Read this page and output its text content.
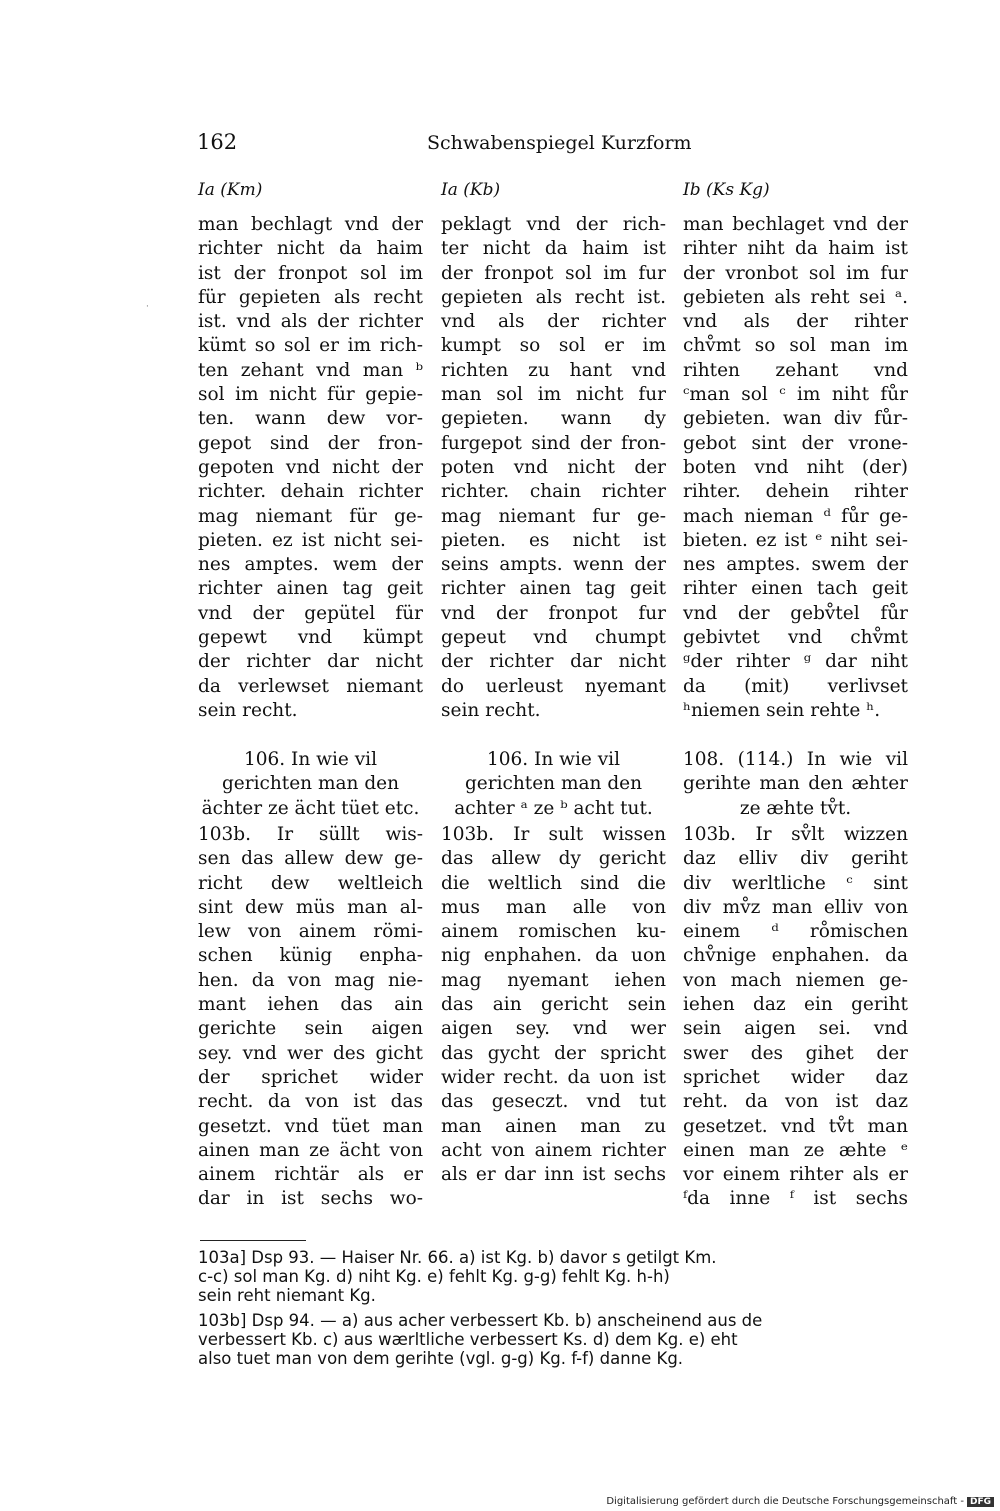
162	Schwabenspiegel Kurzform
Ia (Km)	Ia (Kb)	Ib (Ks Kg)
·
man bechlagt vnd der
richter nicht da haim
ist der fronpot sol im
für gepieten als recht
ist. vnd als der richter
kümt so sol er im rich-
ten zehant vnd man ᵇ
sol im nicht für gepie-
ten. wann dew vor-
gepot sind der fron-
gepoten vnd nicht der
richter. dehain richter
mag niemant für ge-
pieten. ez ist nicht sei-
nes amptes. wem der
richter ainen tag geit
vnd der gepütel für
gepewt vnd kümpt
der richter dar nicht
da verlewset niemant
sein recht.
peklagt vnd der rich-
ter nicht da haim ist
der fronpot sol im fur
gepieten als recht ist.
vnd als der richter
kumpt so sol er im
richten zu hant vnd
man sol im nicht fur
gepieten. wann dy
furgepot sind der fron-
poten vnd nicht der
richter. chain richter
mag niemant fur ge-
pieten. es nicht ist
seins ampts. wenn der
richter ainen tag geit
vnd der fronpot fur
gepeut vnd chumpt
der richter dar nicht
do uerleust nyemant
sein recht.
man bechlaget vnd der
rihter niht da haim ist
der vronbot sol im fur
gebieten als reht sei ᵃ.
vnd als der rihter
chv̊mt so sol man im
rihten zehant vnd
ᶜman sol ᶜ im niht fůr
gebieten. wan div fůr-
gebot sint der vrone-
boten vnd niht (der)
rihter. dehein rihter
mach nieman ᵈ fůr ge-
bieten. ez ist ᵉ niht sei-
nes amptes. swem der
rihter einen tach geit
vnd der gebv̊tel fůr
gebivtet vnd chv̊mt
ᵍder rihter ᵍ dar niht
da (mit) verlivset
ʰniemen sein rehte ʰ.
106. In wie vil
gerichten man den
ächter ze ächt tüet etc.
106. In wie vil
gerichten man den
achter ᵃ ze ᵇ acht tut.
108. (114.) In wie vil
gerihte man den æhter
ze æhte tv̊t.
103b. Ir süllt wis-
sen das allew dew ge-
richt dew weltleich
sint dew müs man al-
lew von ainem römi-
schen künig enpha-
hen. da von mag nie-
mant iehen das ain
gerichte sein aigen
sey. vnd wer des gicht
der sprichet wider
recht. da von ist das
gesetzt. vnd tüet man
ainen man ze ächt von
ainem richtär als er
dar in ist sechs wo-
103b. Ir sult wissen
das allew dy gericht
die weltlich sind die
mus man alle von
ainem romischen ku-
nig enphahen. da uon
mag nyemant iehen
das ain gericht sein
aigen sey. vnd wer
das gycht der spricht
wider recht. da uon ist
das geseczt. vnd tut
man ainen man zu
acht von ainem richter
als er dar inn ist sechs
103b. Ir sv̊lt wizzen
daz elliv div geriht
div werltliche ᶜ sint
div mv̊z man elliv von
einem ᵈ ro̊mischen
chv̊nige enphahen. da
von mach niemen ge-
iehen daz ein geriht
sein aigen sei. vnd
swer des gihet der
sprichet wider daz
reht. da von ist daz
gesetzet. vnd tv̊t man
einen man ze æhte ᵉ
vor einem rihter als er
ᶠda inne ᶠ ist sechs
103a] Dsp 93. — Haiser Nr. 66. a) ist Kg. b) davor s getilgt Km.
c-c) sol man Kg. d) niht Kg. e) fehlt Kg. g-g) fehlt Kg. h-h)
sein reht niemant Kg.
103b] Dsp 94. — a) aus acher verbessert Kb. b) anscheinend aus de
verbessert Kb. c) aus wærltliche verbessert Ks. d) dem Kg. e) eht
also tuet man von dem gerihte (vgl. g-g) Kg. f-f) danne Kg.
Digitalisierung gefördert durch die Deutsche Forschungsgemeinschaft - DFG
